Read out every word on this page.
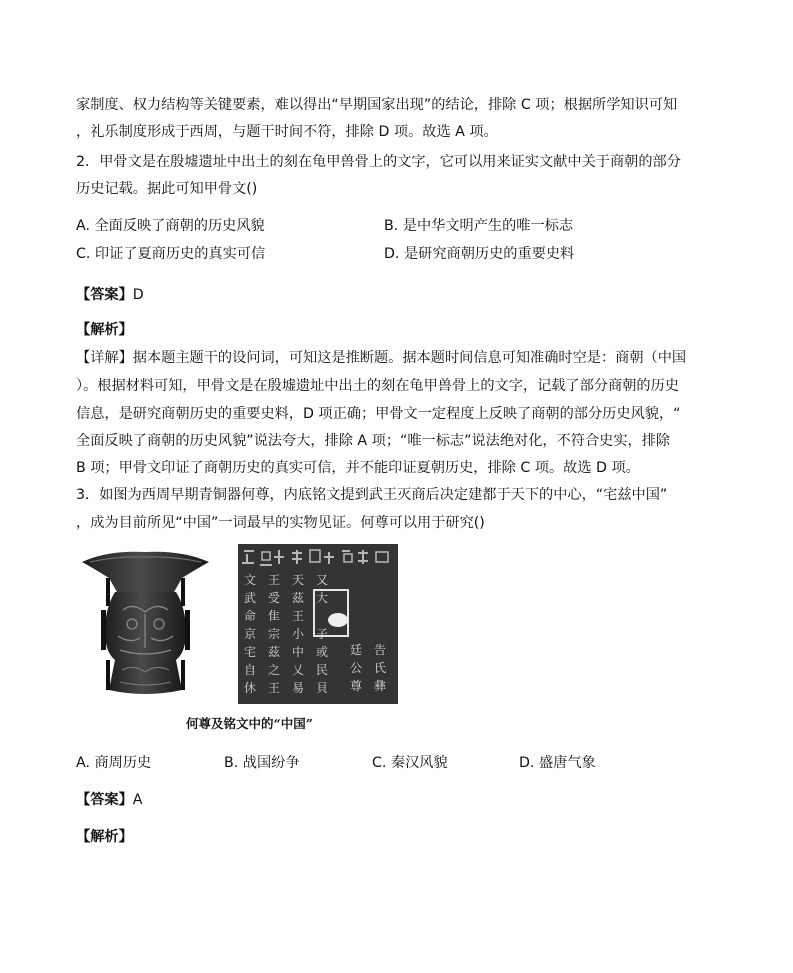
家制度、权力结构等关键要素，难以得出“早期国家出现”的结论，排除 C 项；根据所学知识可知
，礼乐制度形成于西周，与题干时间不符，排除 D 项。故选 A 项。
2．甲骨文是在殷墟遗址中出土的刻在龟甲兽骨上的文字，它可以用来证实文献中关于商朝的部分
历史记载。据此可知甲骨文()
A. 全面反映了商朝的历史风貌	B. 是中华文明产生的唯一标志
C. 印证了夏商历史的真实可信	D. 是研究商朝历史的重要史料
【答案】D
【解析】
【详解】据本题主题干的设问词，可知这是推断题。据本题时间信息可知准确时空是：商朝（中国
）。根据材料可知，甲骨文是在殷墟遗址中出土的刻在龟甲兽骨上的文字，记载了部分商朝的历史
信息，是研究商朝历史的重要史料，D 项正确；甲骨文一定程度上反映了商朝的部分历史风貌，“
全面反映了商朝的历史风貌”说法夸大，排除 A 项；“唯一标志”说法绝对化，不符合史实，排除
B 项；甲骨文印证了商朝历史的真实可信，并不能印证夏朝历史，排除 C 项。故选 D 项。
3．如图为西周早期青铜器何尊，内底铭文提到武王灭商后决定建都于天下的中心，“宅兹中国”
，成为目前所见“中国”一词最早的实物见证。何尊可以用于研究()
文　王　天　又
武　受　茲　大
命　隹　王
京　宗　小　子
宅　茲　中　或
自　之　乂　民
休　王　易　貝
廷　告
公　氏
尊　彝
何尊及铭文中的“中国”
A. 商周历史	B. 战国纷争	C. 秦汉风貌	D. 盛唐气象
【答案】A
【解析】
